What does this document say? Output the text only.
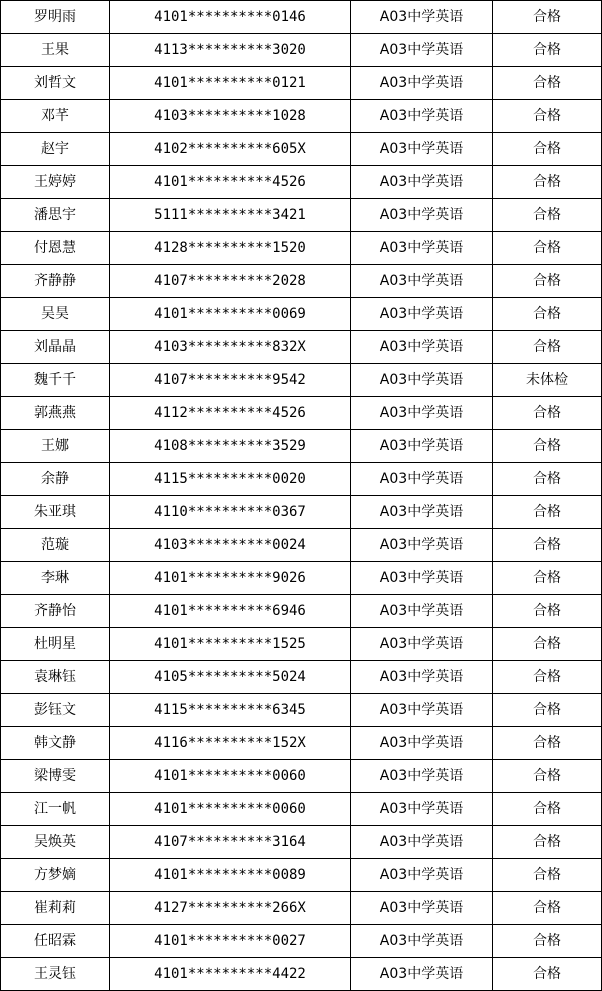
罗明雨	4101**********0146	A03中学英语	合格
王果	4113**********3020	A03中学英语	合格
刘哲文	4101**********0121	A03中学英语	合格
邓芊	4103**********1028	A03中学英语	合格
赵宇	4102**********605X	A03中学英语	合格
王婷婷	4101**********4526	A03中学英语	合格
潘思宇	5111**********3421	A03中学英语	合格
付恩慧	4128**********1520	A03中学英语	合格
齐静静	4107**********2028	A03中学英语	合格
吴昊	4101**********0069	A03中学英语	合格
刘晶晶	4103**********832X	A03中学英语	合格
魏千千	4107**********9542	A03中学英语	未体检
郭燕燕	4112**********4526	A03中学英语	合格
王娜	4108**********3529	A03中学英语	合格
余静	4115**********0020	A03中学英语	合格
朱亚琪	4110**********0367	A03中学英语	合格
范璇	4103**********0024	A03中学英语	合格
李琳	4101**********9026	A03中学英语	合格
齐静怡	4101**********6946	A03中学英语	合格
杜明星	4101**********1525	A03中学英语	合格
袁琳钰	4105**********5024	A03中学英语	合格
彭钰文	4115**********6345	A03中学英语	合格
韩文静	4116**********152X	A03中学英语	合格
梁博雯	4101**********0060	A03中学英语	合格
江一帆	4101**********0060	A03中学英语	合格
吴焕英	4107**********3164	A03中学英语	合格
方梦嫡	4101**********0089	A03中学英语	合格
崔莉莉	4127**********266X	A03中学英语	合格
任昭霖	4101**********0027	A03中学英语	合格
王灵钰	4101**********4422	A03中学英语	合格
